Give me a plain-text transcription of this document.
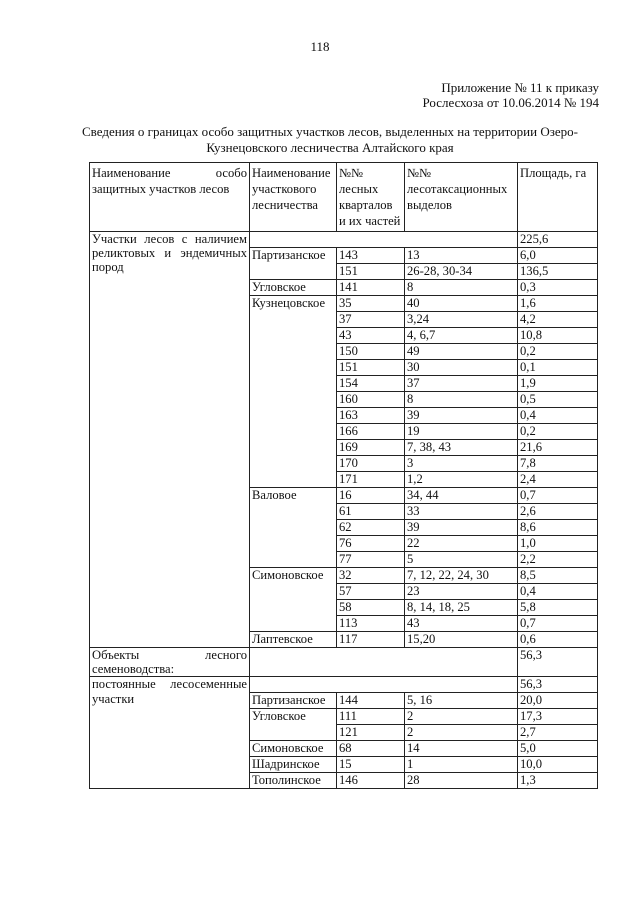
118
Приложение № 11 к приказу
Рослесхоза от 10.06.2014 № 194
Сведения о границах особо защитных участков лесов, выделенных на территории Озеро-
Кузнецовского лесничества Алтайского края
Наименование особо
защитных участков лесов	Наименование участкового лесничества	№№ лесных кварталов и их частей	№№ лесотаксационных выделов	Площадь, га

Участки лесов с наличием
реликтовых и эндемичных
пород				225,6
	Партизанское	143	13	6,0
		151	26-28, 30-34	136,5
	Угловское	141	8	0,3
	Кузнецовское	35	40	1,6
		37	3,24	4,2
		43	4, 6,7	10,8
		150	49	0,2
		151	30	0,1
		154	37	1,9
		160	8	0,5
		163	39	0,4
		166	19	0,2
		169	7, 38, 43	21,6
		170	3	7,8
		171	1,2	2,4
	Валовое	16	34, 44	0,7
		61	33	2,6
		62	39	8,6
		76	22	1,0
		77	5	2,2
	Симоновское	32	7, 12, 22, 24, 30	8,5
		57	23	0,4
		58	8, 14, 18, 25	5,8
		113	43	0,7
	Лаптевское	117	15,20	0,6

Объекты лесного
семеноводства:				56,3

постоянные лесосеменные
участки				56,3
	Партизанское	144	5, 16	20,0
	Угловское	111	2	17,3
		121	2	2,7
	Симоновское	68	14	5,0
	Шадринское	15	1	10,0
	Тополинское	146	28	1,3
